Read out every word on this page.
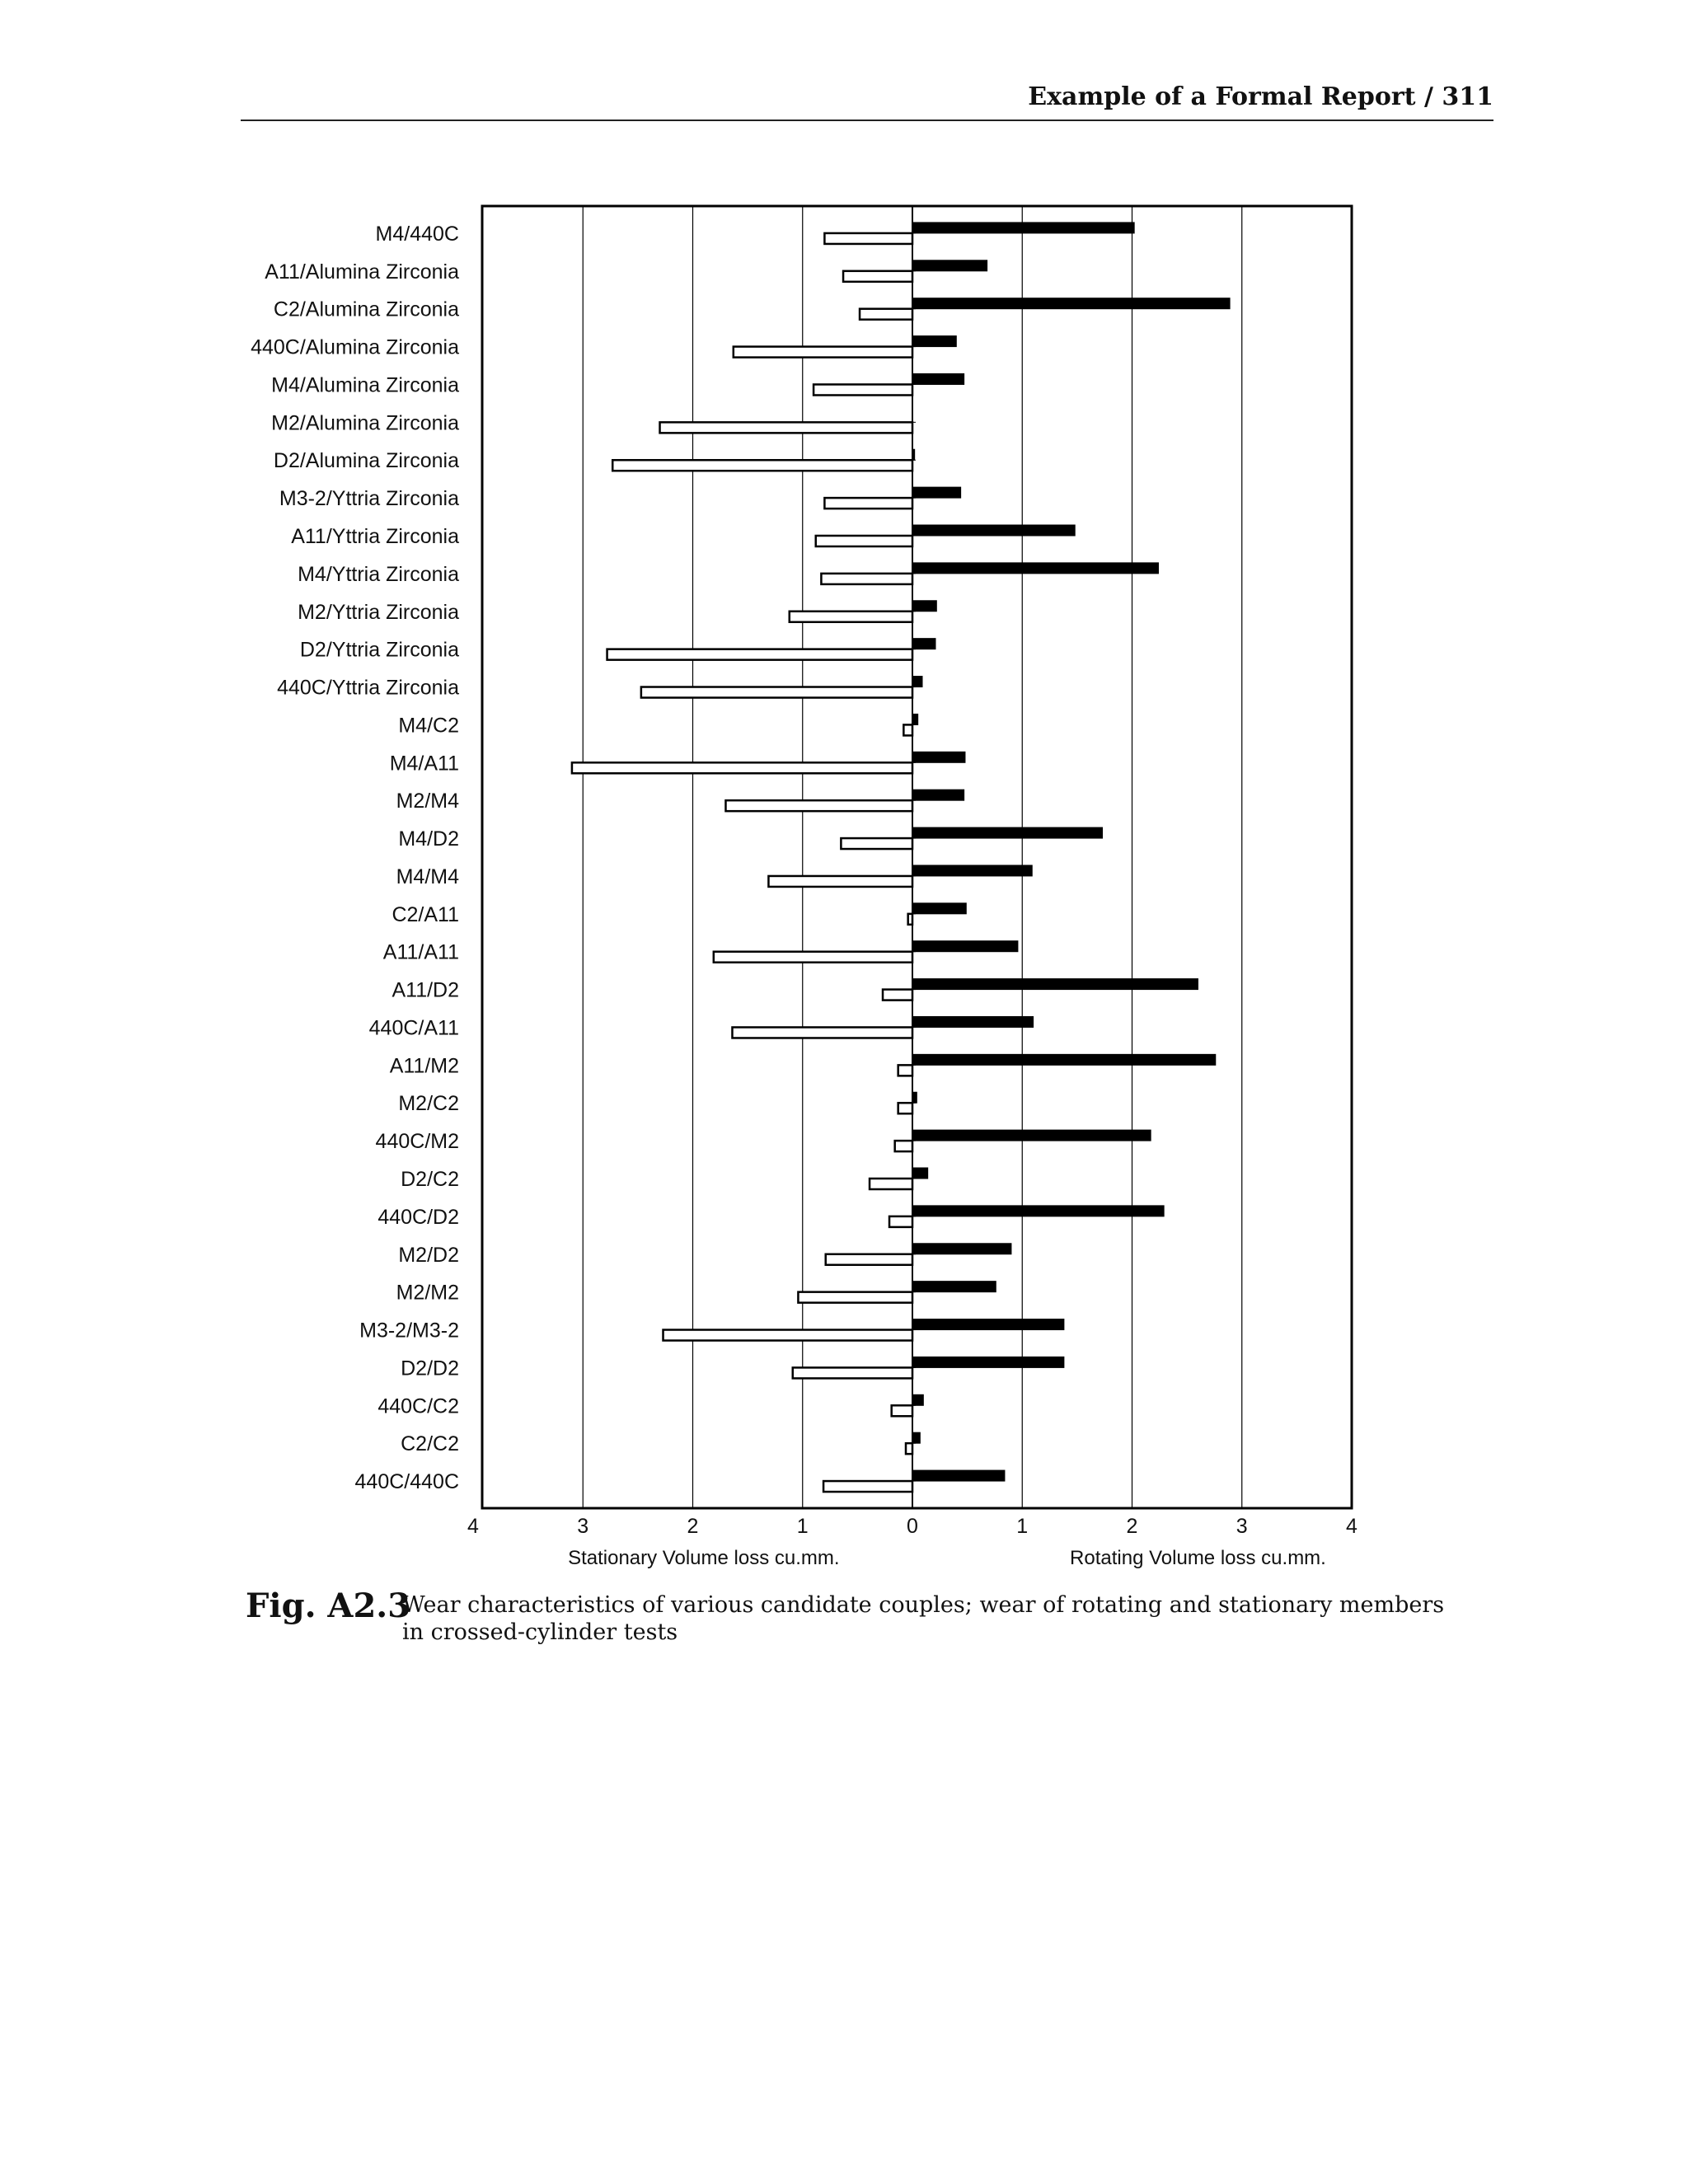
Example of a Formal Report / 311
M4/440C
A11/Alumina Zirconia
C2/Alumina Zirconia
440C/Alumina Zirconia
M4/Alumina Zirconia
M2/Alumina Zirconia
D2/Alumina Zirconia
M3-2/Yttria Zirconia
A11/Yttria Zirconia
M4/Yttria Zirconia
M2/Yttria Zirconia
D2/Yttria Zirconia
440C/Yttria Zirconia
M4/C2
M4/A11
M2/M4
M4/D2
M4/M4
C2/A11
A11/A11
A11/D2
440C/A11
A11/M2
M2/C2
440C/M2
D2/C2
440C/D2
M2/D2
M2/M2
M3-2/M3-2
D2/D2
440C/C2
C2/C2
440C/440C
4	3	2	1	0	1	2	3	4
Stationary Volume loss cu.mm.	Rotating Volume loss cu.mm.
Fig. A2.3
Wear characteristics of various candidate couples; wear of rotating and stationary members in crossed-cylinder tests
